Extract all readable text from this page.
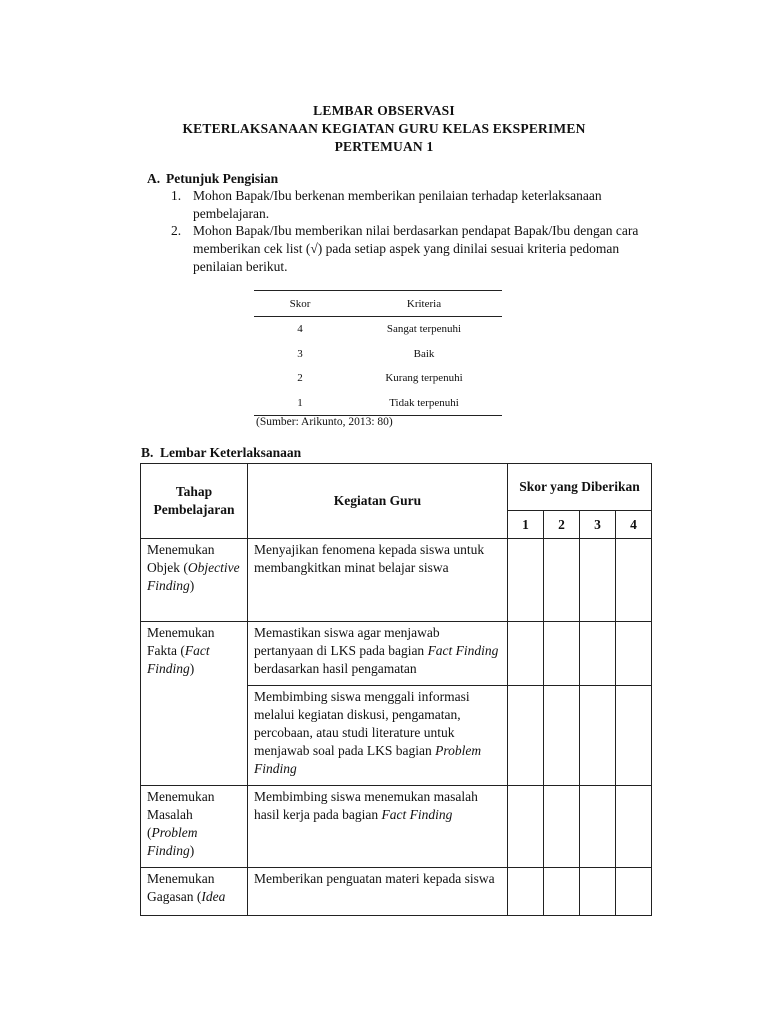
LEMBAR OBSERVASI
KETERLAKSANAAN KEGIATAN GURU KELAS EKSPERIMEN
PERTEMUAN 1
A. Petunjuk Pengisian
1. Mohon Bapak/Ibu berkenan memberikan penilaian terhadap keterlaksanaan pembelajaran.
2. Mohon Bapak/Ibu memberikan nilai berdasarkan pendapat Bapak/Ibu dengan cara memberikan cek list (√) pada setiap aspek yang dinilai sesuai kriteria pedoman penilaian berikut.
Skor	Kriteria
4	Sangat terpenuhi
3	Baik
2	Kurang terpenuhi
1	Tidak terpenuhi
(Sumber: Arikunto, 2013: 80)
B. Lembar Keterlaksanaan
Tahap Pembelajaran	Kegiatan Guru	Skor yang Diberikan			
		1	2	3	4
Menemukan Objek (Objective Finding)	Menyajikan fenomena kepada siswa untuk membangkitkan minat belajar siswa				
Menemukan Fakta (Fact Finding)	Memastikan siswa agar menjawab pertanyaan di LKS pada bagian Fact Finding berdasarkan hasil pengamatan				
	Membimbing siswa menggali informasi melalui kegiatan diskusi, pengamatan, percobaan, atau studi literature untuk menjawab soal pada LKS bagian Problem Finding				
Menemukan Masalah (Problem Finding)	Membimbing siswa menemukan masalah hasil kerja pada bagian Fact Finding				
Menemukan Gagasan (Idea	Memberikan penguatan materi kepada siswa				
